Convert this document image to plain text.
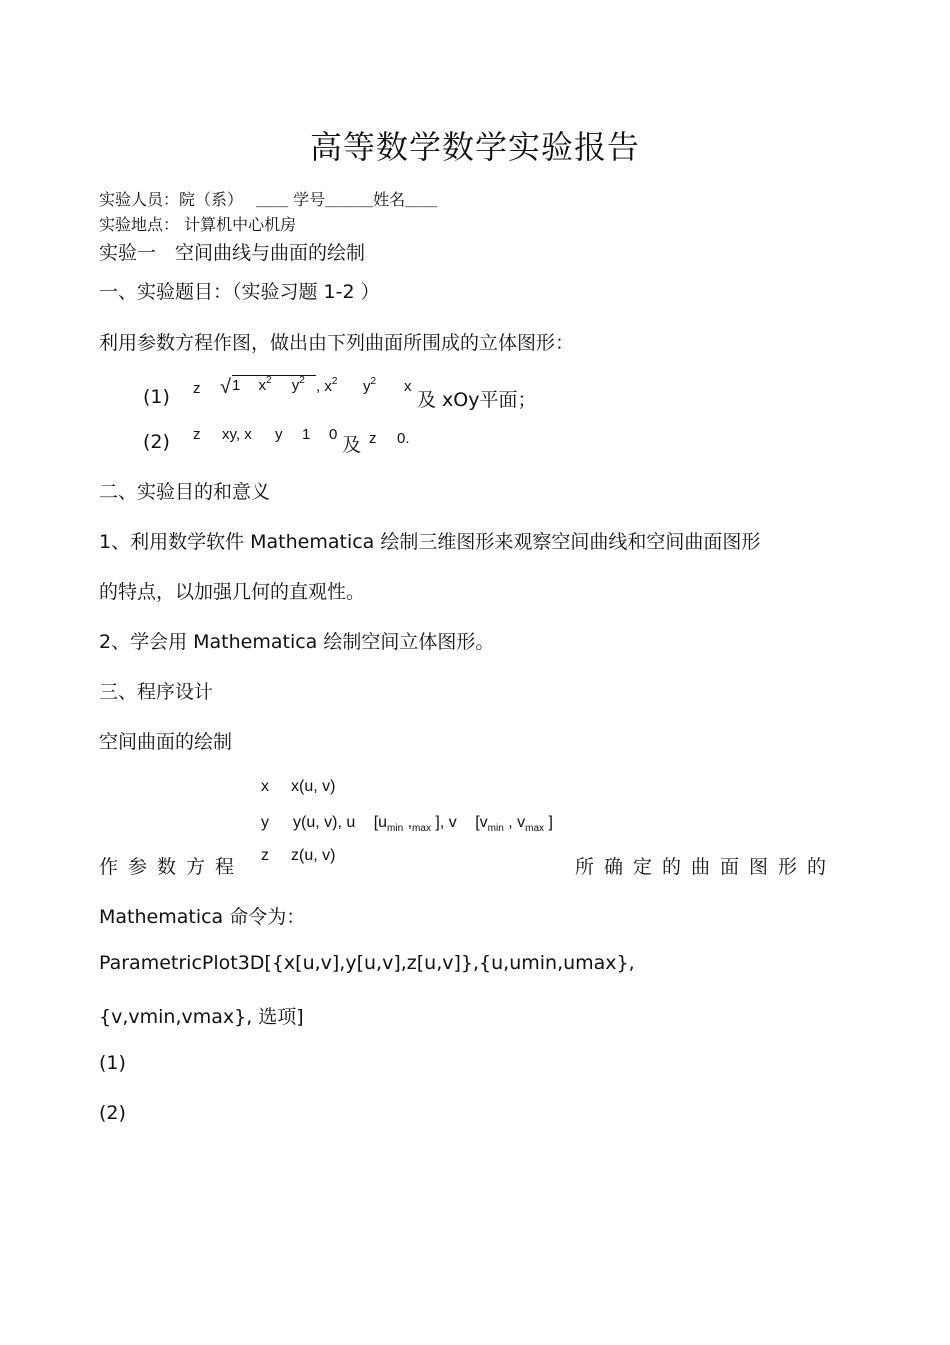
高等数学数学实验报告
实验人员：院（系）　 ＿＿ 学号＿＿＿姓名＿＿
实验地点： 计算机中心机房
实验一　空间曲线与曲面的绘制
一、实验题目：（实验习题 1-2 ）
利用参数方程作图，做出由下列曲面所围成的立体图形：
(1) z √ 1 $x^2$ $y^2$ , $x^2$ $y^2$ x
及 xOy平面；
(2) z xy, x y 1 0 及 z 0.
二、实验目的和意义
1、利用数学软件 Mathematica 绘制三维图形来观察空间曲线和空间曲面图形
的特点，以加强几何的直观性。
2、学会用 Mathematica 绘制空间立体图形。
三、程序设计
空间曲面的绘制
x x(u, v)
y y(u, v), u [$u_{min}$ $,_{max}$ ], v [$v_{min}$ , $v_{max}$ ]
z z(u, v)
作参数方程	所确定的曲面图形的
Mathematica 命令为：
ParametricPlot3D[{x[u,v],y[u,v],z[u,v]},{u,umin,umax},
{v,vmin,vmax}, 选项]
(1)
(2)
